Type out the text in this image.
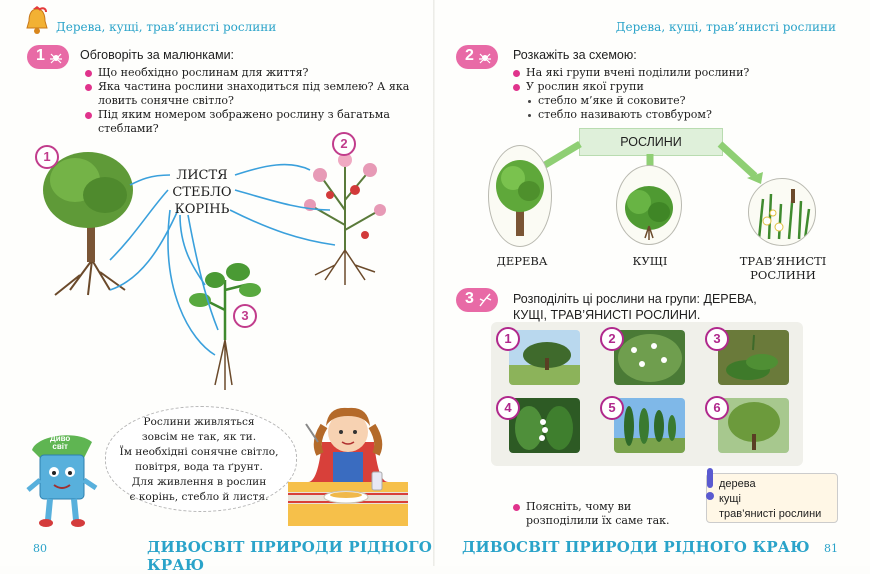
Дерева, кущі, трав’янисті рослини
1	Обговоріть за малюнками:
Що необхідно рослинам для життя?
Яка частина рослини знаходиться під землею? А яка ловить сонячне світло?
Під яким номером зображено рослину з багатьма стеблами?
1
2
3
ЛИСТЯ
СТЕБЛО
КОРІНЬ
Диво
світ
Рослини живляться
зовсім не так, як ти.
Їм необхідні сонячне світло,
повітря, вода та ґрунт.
Для живлення в рослин
є корінь, стебло й листя.
80	ДИВОСВІТ ПРИРОДИ РІДНОГО КРАЮ
Дерева, кущі, трав’янисті рослини
2	Розкажіть за схемою:
На які групи вчені поділили рослини?
У рослин якої групи
стебло м’яке й соковите?
стебло називають стовбуром?
РОСЛИНИ
ДЕРЕВА	КУЩІ	ТРАВ’ЯНИСТІ
РОСЛИНИ
3	Розподіліть ці рослини на групи: ДЕРЕВА,
КУЩІ, ТРАВ’ЯНИСТІ РОСЛИНИ.
1	2	3
4	5	6
Поясніть, чому ви
розподілили їх саме так.
дерева
кущі
трав’янисті рослини
ДИВОСВІТ ПРИРОДИ РІДНОГО КРАЮ 81
